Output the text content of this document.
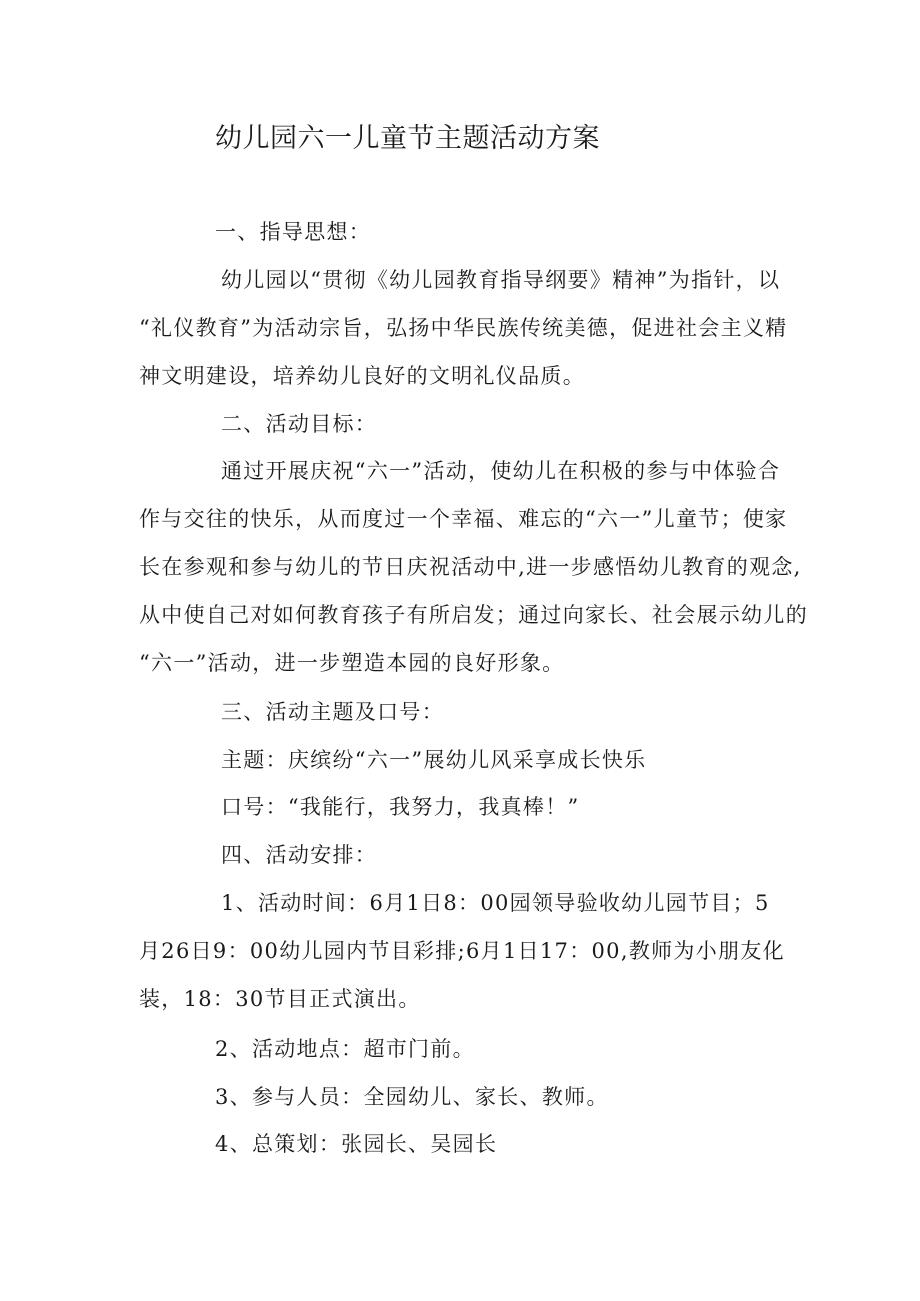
幼儿园六一儿童节主题活动方案
一、指导思想：
幼儿园以“贯彻《幼儿园教育指导纲要》精神”为指针，以
“礼仪教育”为活动宗旨，弘扬中华民族传统美德，促进社会主义精
神文明建设，培养幼儿良好的文明礼仪品质。
二、活动目标：
通过开展庆祝“六一”活动，使幼儿在积极的参与中体验合
作与交往的快乐，从而度过一个幸福、难忘的“六一”儿童节；使家
长在参观和参与幼儿的节日庆祝活动中,进一步感悟幼儿教育的观念,
从中使自己对如何教育孩子有所启发；通过向家长、社会展示幼儿的
“六一”活动，进一步塑造本园的良好形象。
三、活动主题及口号：
主题：庆缤纷“六一”展幼儿风采享成长快乐
口号：“我能行，我努力，我真棒！”
四、活动安排：
1、活动时间：6月1日8：00园领导验收幼儿园节目；5
月26日9：00幼儿园内节目彩排;6月1日17：00,教师为小朋友化
装，18：30节目正式演出。
2、活动地点：超市门前。
3、参与人员：全园幼儿、家长、教师。
4、总策划：张园长、吴园长
